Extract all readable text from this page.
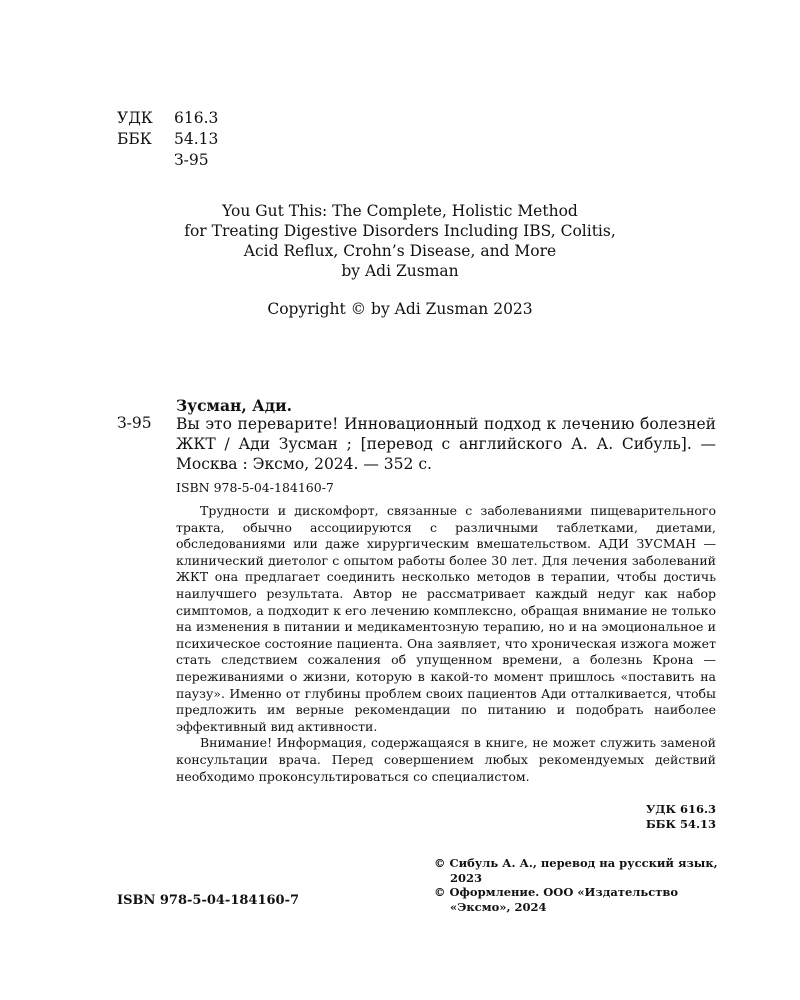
УДК	616.3
ББК	54.13
З-95
You Gut This: The Complete, Holistic Method
for Treating Digestive Disorders Including IBS, Colitis,
Acid Reflux, Crohn’s Disease, and More
by Adi Zusman
Copyright © by Adi Zusman 2023
Зусман, Ади.
З-95 Вы это переварите! Инновационный подход к лечению болезней ЖКТ / Ади Зусман ; [перевод с английского А. А. Сибуль]. — Москва : Эксмо, 2024. — 352 с.
ISBN 978-5-04-184160-7

Трудности и дискомфорт, связанные с заболеваниями пищеварительного тракта, обычно ассоциируются с различными таблетками, диетами, обследованиями или даже хирургическим вмешательством. АДИ ЗУСМАН — клинический диетолог с опытом работы более 30 лет. Для лечения заболеваний ЖКТ она предлагает соединить несколько методов в терапии, чтобы достичь наилучшего результата. Автор не рассматривает каждый недуг как набор симптомов, а подходит к его лечению комплексно, обращая внимание не только на изменения в питании и медикаментозную терапию, но и на эмоциональное и психическое состояние пациента. Она заявляет, что хроническая изжога может стать следствием сожаления об упущенном времени, а болезнь Крона — переживаниями о жизни, которую в какой-то момент пришлось «поставить на паузу». Именно от глубины проблем своих пациентов Ади отталкивается, чтобы предложить им верные рекомендации по питанию и подобрать наиболее эффективный вид активности.

Внимание! Информация, содержащаяся в книге, не может служить заменой консультации врача. Перед совершением любых рекомендуемых действий необходимо проконсультироваться со специалистом.

УДК 616.3
ББК 54.13
© Сибуль А. А., перевод на русский язык, 2023
© Оформление. ООО «Издательство «Эксмо», 2024
ISBN 978-5-04-184160-7
